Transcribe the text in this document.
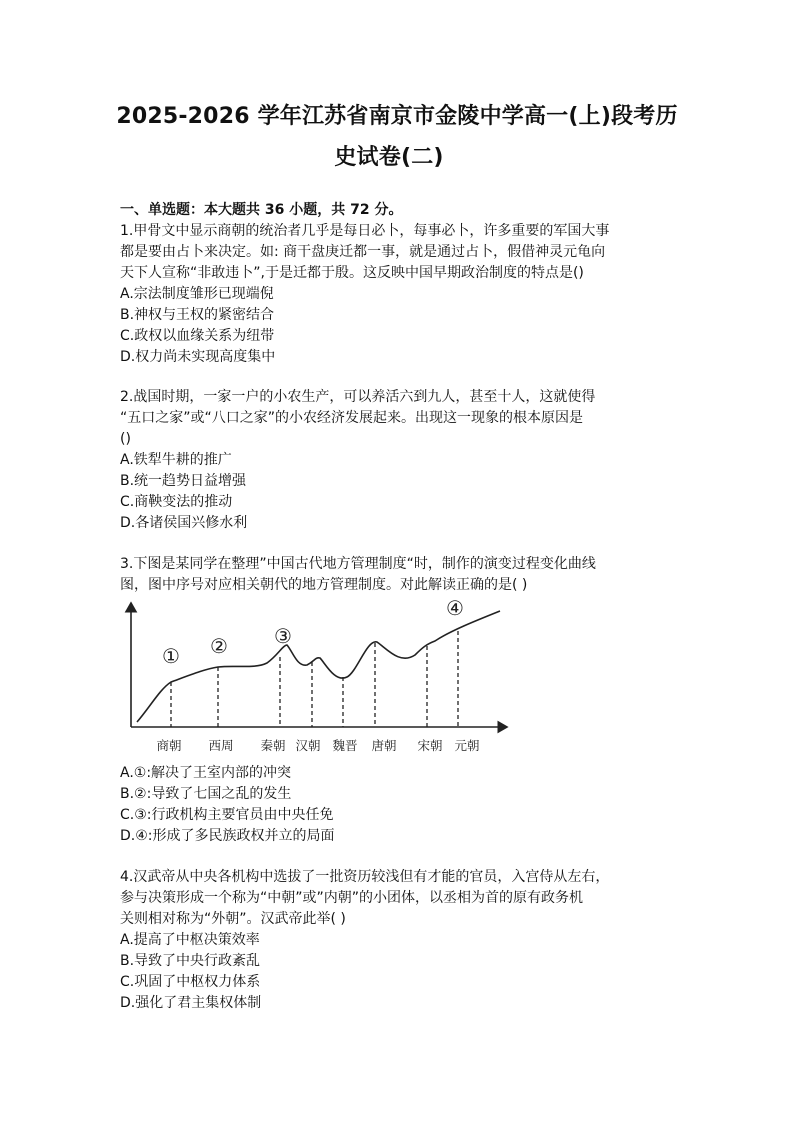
2025-2026 学年江苏省南京市金陵中学高一(上)段考历
史试卷(二)
一、单选题：本大题共 36 小题，共 72 分。

1.甲骨文中显示商朝的统治者几乎是每日必卜，每事必卜，许多重要的军国大事

都是要由占卜来决定。如: 商干盘庚迁都一事，就是通过占卜，假借神灵元龟向

天下人宣称“非敢违卜”,于是迁都于殷。这反映中国早期政治制度的特点是()

A.宗法制度雏形已现端倪
B.神权与王权的紧密结合
C.政权以血缘关系为纽带
D.权力尚未实现高度集中

2.战国时期，一家一户的小农生产，可以养活六到九人，甚至十人，这就使得

“五口之家”或“八口之家”的小农经济发展起来。出现这一现象的根本原因是

()

A.铁犁牛耕的推广
B.统一趋势日益增强
C.商鞅变法的推动
D.各诸侯国兴修水利

3.下图是某同学在整理”中国古代地方管理制度“时，制作的演变过程变化曲线

图，图中序号对应相关朝代的地方管理制度。对此解读正确的是( )

① ② ③
④
商朝 西周 秦朝 汉朝 魏晋 唐朝 宋朝 元朝
A.①:解决了王室内部的冲突
B.②:导致了七国之乱的发生
C.③:行政机构主要官员由中央任免
D.④:形成了多民族政权并立的局面

4.汉武帝从中央各机构中选拔了一批资历较浅但有才能的官员，入宫侍从左右，

参与决策形成一个称为“中朝”或”内朝”的小团体，以丞相为首的原有政务机

关则相对称为“外朝”。汉武帝此举( )

A.提高了中枢决策效率
B.导致了中央行政紊乱
C.巩固了中枢权力体系
D.强化了君主集权体制
